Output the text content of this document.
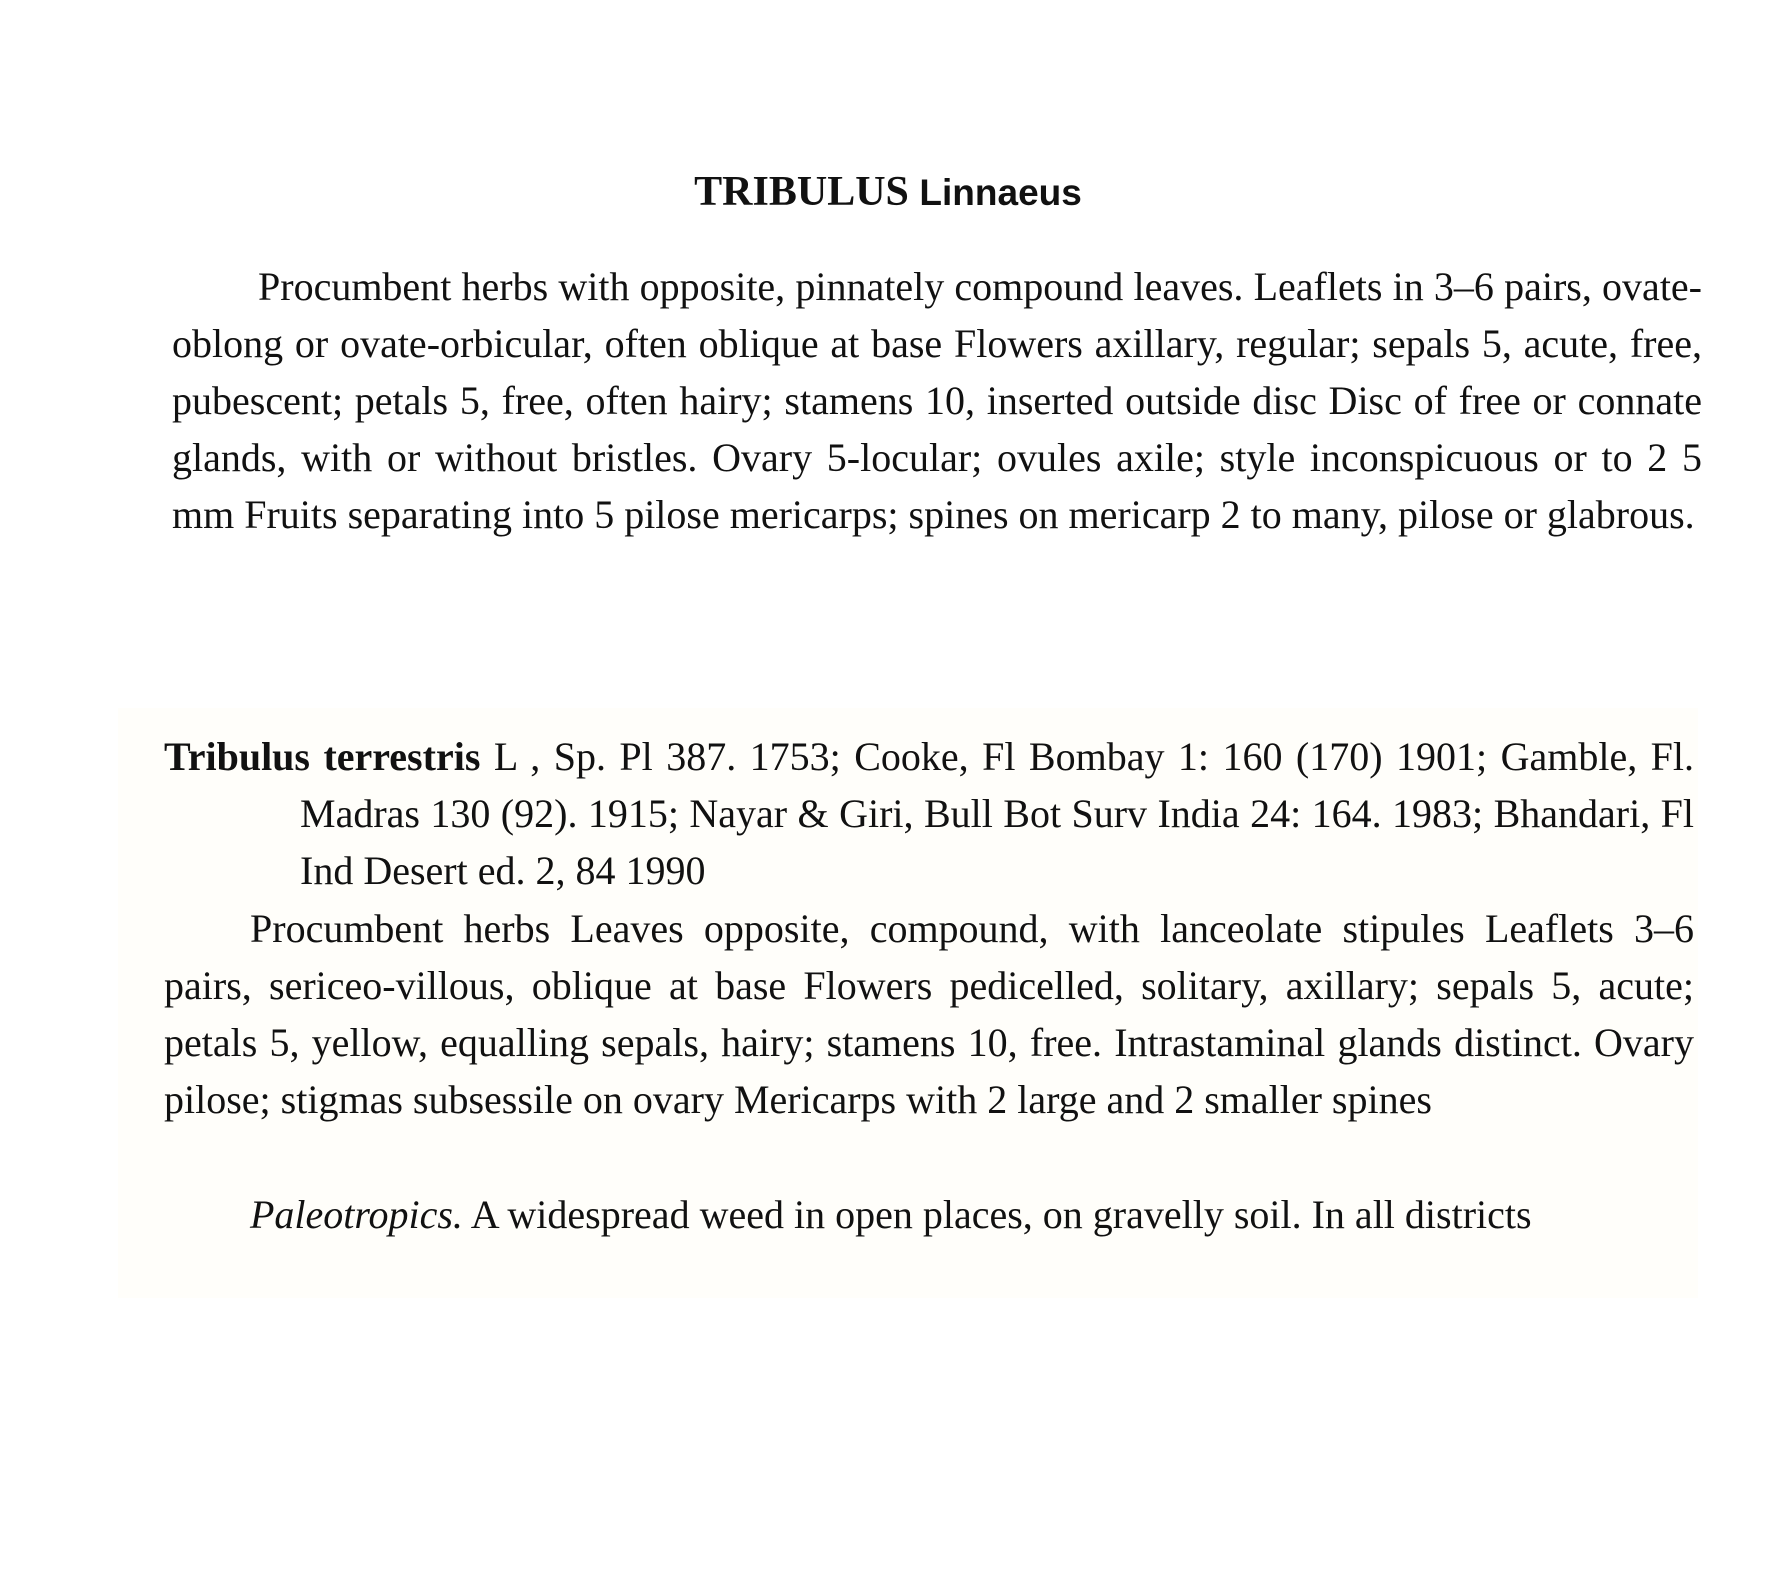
TRIBULUS Linnaeus

Procumbent herbs with opposite, pinnately compound leaves. Leaflets in 3–6 pairs, ovate-oblong or ovate-orbicular, often oblique at base Flowers axillary, regular; sepals 5, acute, free, pubescent; petals 5, free, often hairy; stamens 10, inserted outside disc Disc of free or connate glands, with or without bristles. Ovary 5-locular; ovules axile; style inconspicuous or to 2 5 mm Fruits separating into 5 pilose mericarps; spines on mericarp 2 to many, pilose or glabrous.

Tribulus terrestris L , Sp. Pl 387. 1753; Cooke, Fl Bombay 1: 160 (170) 1901; Gamble, Fl. Madras 130 (92). 1915; Nayar & Giri, Bull Bot Surv India 24: 164. 1983; Bhandari, Fl Ind Desert ed. 2, 84 1990

Procumbent herbs Leaves opposite, compound, with lanceolate stipules Leaflets 3–6 pairs, sericeo-villous, oblique at base Flowers pedicelled, solitary, axillary; sepals 5, acute; petals 5, yellow, equalling sepals, hairy; stamens 10, free. Intrastaminal glands distinct. Ovary pilose; stigmas subsessile on ovary Mericarps with 2 large and 2 smaller spines

Paleotropics. A widespread weed in open places, on gravelly soil. In all districts
